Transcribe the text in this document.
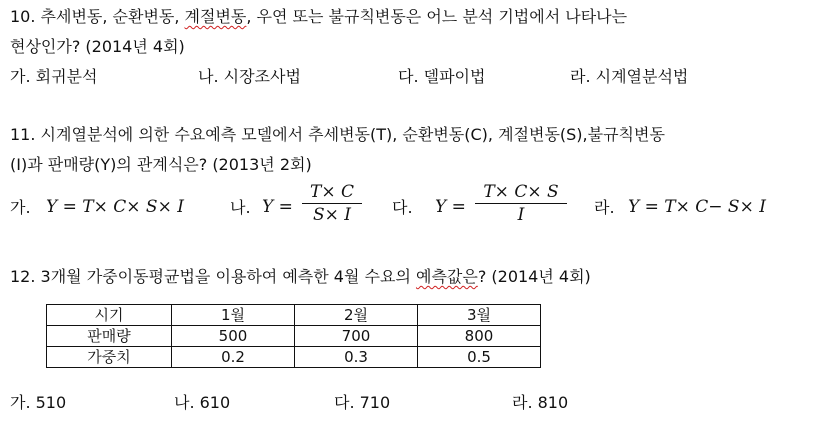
10. 추세변동, 순환변동, 계절변동, 우연 또는 불규칙변동은 어느 분석 기법에서 나타나는
현상인가? (2014년 4회)
가. 회귀분석	나. 시장조사법	다. 델파이법	라. 시계열분석법
11. 시계열분석에 의한 수요예측 모델에서 추세변동(T), 순환변동(C), 계절변동(S),불규칙변동
(I)과 판매량(Y)의 관계식은? (2013년 2회)
가. Y = T× C× S× I	나. Y =
T× C
S× I	다. Y =
T× C× S
I	라. Y = T× C− S× I
12. 3개월 가중이동평균법을 이용하여 예측한 4월 수요의 예측값은? (2014년 4회)
시기	1월	2월	3월
판매량	500	700	800
가중치	0.2	0.3	0.5
가. 510	나. 610	다. 710	라. 810
